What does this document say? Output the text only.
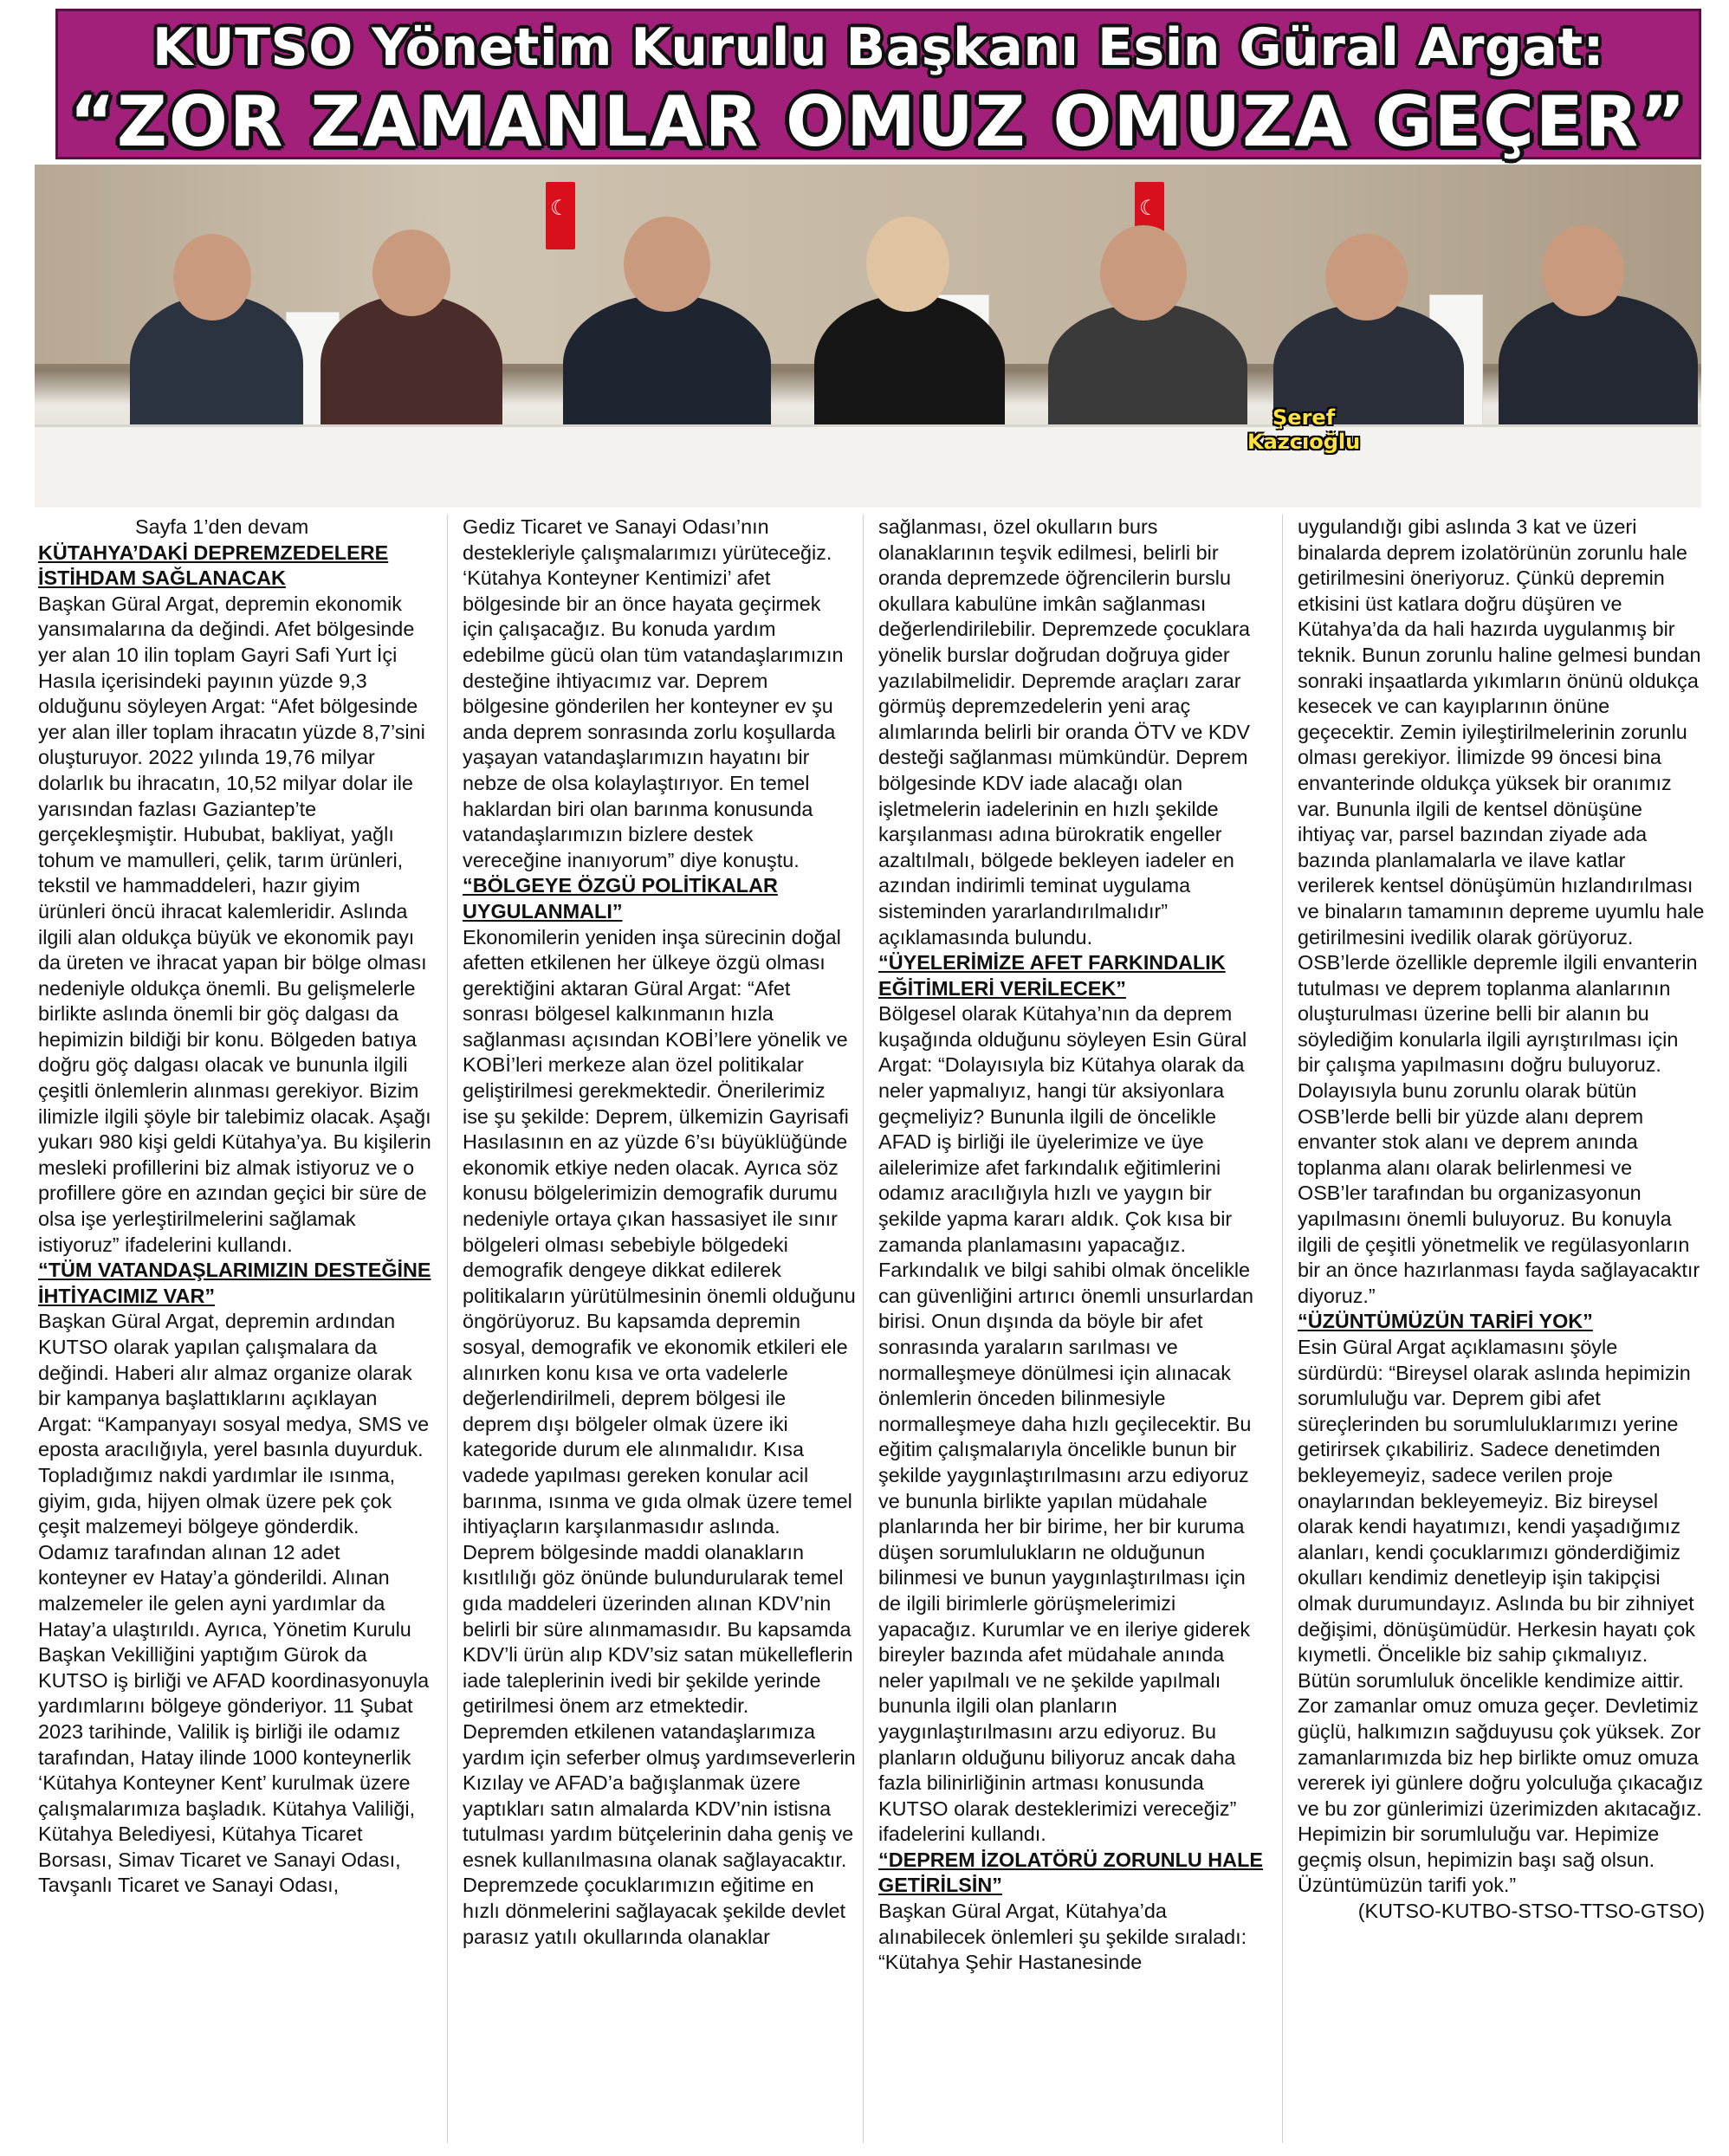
KUTSO Yönetim Kurulu Başkanı Esin Güral Argat:
“ZOR ZAMANLAR OMUZ OMUZA GEÇER”
☾
☾
Şeref
Kazcıoğlu

Sayfa 1’den devam

KÜTAHYA’DAKİ DEPREMZEDELERE İSTİHDAM SAĞLANACAK

Başkan Güral Argat, depremin ekonomik yansımalarına da değindi. Afet bölgesinde yer alan 10 ilin toplam Gayri Safi Yurt İçi Hasıla içerisindeki payının yüzde 9,3 olduğunu söyleyen Argat: “Afet bölgesinde yer alan iller toplam ihracatın yüzde 8,7’sini oluşturuyor. 2022 yılında 19,76 milyar dolarlık bu ihracatın, 10,52 milyar dolar ile yarısından fazlası Gaziantep’te gerçekleşmiştir. Hububat, bakliyat, yağlı tohum ve mamulleri, çelik, tarım ürünleri, tekstil ve hammaddeleri, hazır giyim ürünleri öncü ihracat kalemleridir. Aslında ilgili alan oldukça büyük ve ekonomik payı da üreten ve ihracat yapan bir bölge olması nedeniyle oldukça önemli. Bu gelişmelerle birlikte aslında önemli bir göç dalgası da hepimizin bildiği bir konu. Bölgeden batıya doğru göç dalgası olacak ve bununla ilgili çeşitli önlemlerin alınması gerekiyor. Bizim ilimizle ilgili şöyle bir talebimiz olacak. Aşağı yukarı 980 kişi geldi Kütahya’ya. Bu kişilerin mesleki profillerini biz almak istiyoruz ve o profillere göre en azından geçici bir süre de olsa işe yerleştirilmelerini sağlamak istiyoruz” ifadelerini kullandı.

“TÜM VATANDAŞLARIMIZIN DESTEĞİNE İHTİYACIMIZ VAR”

Başkan Güral Argat, depremin ardından KUTSO olarak yapılan çalışmalara da değindi. Haberi alır almaz organize olarak bir kampanya başlattıklarını açıklayan Argat: “Kampanyayı sosyal medya, SMS ve eposta aracılığıyla, yerel basınla duyurduk. Topladığımız nakdi yardımlar ile ısınma, giyim, gıda, hijyen olmak üzere pek çok çeşit malzemeyi bölgeye gönderdik. Odamız tarafından alınan 12 adet konteyner ev Hatay’a gönderildi. Alınan malzemeler ile gelen ayni yardımlar da Hatay’a ulaştırıldı. Ayrıca, Yönetim Kurulu Başkan Vekilliğini yaptığım Gürok da KUTSO iş birliği ve AFAD koordinasyonuyla yardımlarını bölgeye gönderiyor. 11 Şubat 2023 tarihinde, Valilik iş birliği ile odamız tarafından, Hatay ilinde 1000 konteynerlik ‘Kütahya Konteyner Kent’ kurulmak üzere çalışmalarımıza başladık. Kütahya Valiliği, Kütahya Belediyesi, Kütahya Ticaret Borsası, Simav Ticaret ve Sanayi Odası, Tavşanlı Ticaret ve Sanayi Odası,

Gediz Ticaret ve Sanayi Odası’nın destekleriyle çalışmalarımızı yürüteceğiz. ‘Kütahya Konteyner Kentimizi’ afet bölgesinde bir an önce hayata geçirmek için çalışacağız. Bu konuda yardım edebilme gücü olan tüm vatandaşlarımızın desteğine ihtiyacımız var. Deprem bölgesine gönderilen her konteyner ev şu anda deprem sonrasında zorlu koşullarda yaşayan vatandaşlarımızın hayatını bir nebze de olsa kolaylaştırıyor. En temel haklardan biri olan barınma konusunda vatandaşlarımızın bizlere destek vereceğine inanıyorum” diye konuştu.

“BÖLGEYE ÖZGÜ POLİTİKALAR UYGULANMALI”

Ekonomilerin yeniden inşa sürecinin doğal afetten etkilenen her ülkeye özgü olması gerektiğini aktaran Güral Argat: “Afet sonrası bölgesel kalkınmanın hızla sağlanması açısından KOBİ’lere yönelik ve KOBİ’leri merkeze alan özel politikalar geliştirilmesi gerekmektedir. Önerilerimiz ise şu şekilde: Deprem, ülkemizin Gayrisafi Hasılasının en az yüzde 6’sı büyüklüğünde ekonomik etkiye neden olacak. Ayrıca söz konusu bölgelerimizin demografik durumu nedeniyle ortaya çıkan hassasiyet ile sınır bölgeleri olması sebebiyle bölgedeki demografik dengeye dikkat edilerek politikaların yürütülmesinin önemli olduğunu öngörüyoruz. Bu kapsamda depremin sosyal, demografik ve ekonomik etkileri ele alınırken konu kısa ve orta vadelerle değerlendirilmeli, deprem bölgesi ile deprem dışı bölgeler olmak üzere iki kategoride durum ele alınmalıdır. Kısa vadede yapılması gereken konular acil barınma, ısınma ve gıda olmak üzere temel ihtiyaçların karşılanmasıdır aslında. Deprem bölgesinde maddi olanakların kısıtlılığı göz önünde bulundurularak temel gıda maddeleri üzerinden alınan KDV’nin belirli bir süre alınmamasıdır. Bu kapsamda KDV’li ürün alıp KDV’siz satan mükelleflerin iade taleplerinin ivedi bir şekilde yerinde getirilmesi önem arz etmektedir. Depremden etkilenen vatandaşlarımıza yardım için seferber olmuş yardımseverlerin Kızılay ve AFAD’a bağışlanmak üzere yaptıkları satın almalarda KDV’nin istisna tutulması yardım bütçelerinin daha geniş ve esnek kullanılmasına olanak sağlayacaktır. Depremzede çocuklarımızın eğitime en hızlı dönmelerini sağlayacak şekilde devlet parasız yatılı okullarında olanaklar

sağlanması, özel okulların burs olanaklarının teşvik edilmesi, belirli bir oranda depremzede öğrencilerin burslu okullara kabulüne imkân sağlanması değerlendirilebilir. Depremzede çocuklara yönelik burslar doğrudan doğruya gider yazılabilmelidir. Depremde araçları zarar görmüş depremzedelerin yeni araç alımlarında belirli bir oranda ÖTV ve KDV desteği sağlanması mümkündür. Deprem bölgesinde KDV iade alacağı olan işletmelerin iadelerinin en hızlı şekilde karşılanması adına bürokratik engeller azaltılmalı, bölgede bekleyen iadeler en azından indirimli teminat uygulama sisteminden yararlandırılmalıdır” açıklamasında bulundu.

“ÜYELERİMİZE AFET FARKINDALIK EĞİTİMLERİ VERİLECEK”

Bölgesel olarak Kütahya’nın da deprem kuşağında olduğunu söyleyen Esin Güral Argat: “Dolayısıyla biz Kütahya olarak da neler yapmalıyız, hangi tür aksiyonlara geçmeliyiz? Bununla ilgili de öncelikle AFAD iş birliği ile üyelerimize ve üye ailelerimize afet farkındalık eğitimlerini odamız aracılığıyla hızlı ve yaygın bir şekilde yapma kararı aldık. Çok kısa bir zamanda planlamasını yapacağız. Farkındalık ve bilgi sahibi olmak öncelikle can güvenliğini artırıcı önemli unsurlardan birisi. Onun dışında da böyle bir afet sonrasında yaraların sarılması ve normalleşmeye dönülmesi için alınacak önlemlerin önceden bilinmesiyle normalleşmeye daha hızlı geçilecektir. Bu eğitim çalışmalarıyla öncelikle bunun bir şekilde yaygınlaştırılmasını arzu ediyoruz ve bununla birlikte yapılan müdahale planlarında her bir birime, her bir kuruma düşen sorumlulukların ne olduğunun bilinmesi ve bunun yaygınlaştırılması için de ilgili birimlerle görüşmelerimizi yapacağız. Kurumlar ve en ileriye giderek bireyler bazında afet müdahale anında neler yapılmalı ve ne şekilde yapılmalı bununla ilgili olan planların yaygınlaştırılmasını arzu ediyoruz. Bu planların olduğunu biliyoruz ancak daha fazla bilinirliğinin artması konusunda KUTSO olarak desteklerimizi vereceğiz” ifadelerini kullandı.

“DEPREM İZOLATÖRÜ ZORUNLU HALE GETİRİLSİN”

Başkan Güral Argat, Kütahya’da alınabilecek önlemleri şu şekilde sıraladı: “Kütahya Şehir Hastanesinde

uygulandığı gibi aslında 3 kat ve üzeri binalarda deprem izolatörünün zorunlu hale getirilmesini öneriyoruz. Çünkü depremin etkisini üst katlara doğru düşüren ve Kütahya’da da hali hazırda uygulanmış bir teknik. Bunun zorunlu haline gelmesi bundan sonraki inşaatlarda yıkımların önünü oldukça kesecek ve can kayıplarının önüne geçecektir. Zemin iyileştirilmelerinin zorunlu olması gerekiyor. İlimizde 99 öncesi bina envanterinde oldukça yüksek bir oranımız var. Bununla ilgili de kentsel dönüşüne ihtiyaç var, parsel bazından ziyade ada bazında planlamalarla ve ilave katlar verilerek kentsel dönüşümün hızlandırılması ve binaların tamamının depreme uyumlu hale getirilmesini ivedilik olarak görüyoruz. OSB’lerde özellikle depremle ilgili envanterin tutulması ve deprem toplanma alanlarının oluşturulması üzerine belli bir alanın bu söylediğim konularla ilgili ayrıştırılması için bir çalışma yapılmasını doğru buluyoruz. Dolayısıyla bunu zorunlu olarak bütün OSB’lerde belli bir yüzde alanı deprem envanter stok alanı ve deprem anında toplanma alanı olarak belirlenmesi ve OSB’ler tarafından bu organizasyonun yapılmasını önemli buluyoruz. Bu konuyla ilgili de çeşitli yönetmelik ve regülasyonların bir an önce hazırlanması fayda sağlayacaktır diyoruz.”

“ÜZÜNTÜMÜZÜN TARİFİ YOK”

Esin Güral Argat açıklamasını şöyle sürdürdü: “Bireysel olarak aslında hepimizin sorumluluğu var. Deprem gibi afet süreçlerinden bu sorumluluklarımızı yerine getirirsek çıkabiliriz. Sadece denetimden bekleyemeyiz, sadece verilen proje onaylarından bekleyemeyiz. Biz bireysel olarak kendi hayatımızı, kendi yaşadığımız alanları, kendi çocuklarımızı gönderdiğimiz okulları kendimiz denetleyip işin takipçisi olmak durumundayız. Aslında bu bir zihniyet değişimi, dönüşümüdür. Herkesin hayatı çok kıymetli. Öncelikle biz sahip çıkmalıyız. Bütün sorumluluk öncelikle kendimize aittir. Zor zamanlar omuz omuza geçer. Devletimiz güçlü, halkımızın sağduyusu çok yüksek. Zor zamanlarımızda biz hep birlikte omuz omuza vererek iyi günlere doğru yolculuğa çıkacağız ve bu zor günlerimizi üzerimizden akıtacağız. Hepimizin bir sorumluluğu var. Hepimize geçmiş olsun, hepimizin başı sağ olsun. Üzüntümüzün tarifi yok.”

(KUTSO-KUTBO-STSO-TTSO-GTSO)
